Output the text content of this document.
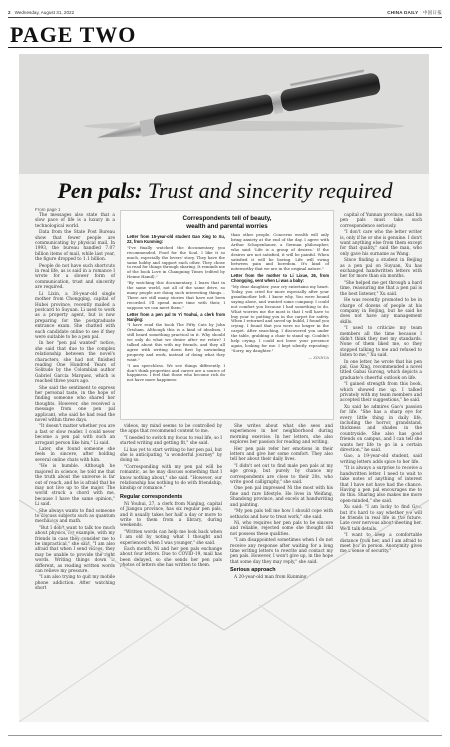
2 Wednesday, August 31, 2022	CHINA DAILY 中国日报
PAGE TWO
Pen pals: Trust and sincerity required
From page 1

The messages also state that a slow pace of life is a luxury in a technological world.

Data from the State Post Bureau show that fewer people are communicating by physical mail. In 1993, the bureau handled 7.07 billion items of mail, while last year, the figure dropped to 1.1 billion.

People do not have such shortcuts in real life, as is said in a romance I wrote for a slower form of communication, trust and sincerity are required.

Li Lixin, a 38-year-old single mother from Chongqing, capital of Hubei province, recently mailed a postcard to Suyuan. Li used to work as a property agent, but is now preparing for the postgraduate entrance exam. She chatted with each candidate online to see if they were suitable to be a pen pal.

In her "pen pal wanted" notice, she said that due to the complex relationship between the novel's characters, she had not finished reading One Hundred Years of Solitude by the Colombian author Gabriel Garcia Marquez, which is reached three years ago.

She said the sentiment to express her personal taste, in the hope of finding someone who shared her thoughts. However, she received a message from one pen pal applicant, who said he had read the novel within three days.

"It doesn't matter whether you are a fast or slow reader. I could never become a pen pal with such an arrogant person like him," Li said.

Later, she found someone she feels in sincere, after holding several online chats with him.

"He is humble. Although he majored in science, he told me that the truth about the universe is far out of reach, and he is afraid that he may not live up to the major. The world struck a chord with me, because I have the same opinion," Li said.

She always wants to find someone to discuss subjects such as quantum mechanics and math.

"But I don't want to talk too much about physics, for example, with my friends in case they consider me to be impractical," she said. "I am also afraid that when I send videos, they may be unable to provide the right words. Writing things down is different, as reading written words can relieve my pressure.

"I am also trying to quit my mobile phone addiction. After watching short

Correspondents tell of beauty,
wealth and parental worries
Letter from 15-year-old student Gao Xing to Xu, 22, from Kunming:

"I've finally watched the documentary you recommended, Food for the Soul. I like it so much, especially the lovers' story. They have the same hobby and support each other. They chose to read for things through sharing. It reminds me of the book Love in Changning Times (edited by Heime Hamil)."

"By watching this documentary, I learn that in the same world, not all of the same drive, so many people are doing such interesting things... There are still many stories that have not been recorded. I'll spend more time with their, I suppose we can meet them."

Letter from a pen pal to Yi Youhui, a clerk from Nanjing:

"I have read the book The Fifty Cats by John Grisham. Although this is a kind of idealism, I still heard something practical in it. Why should we only do what we desire after we retire? I talked about this with my friends, and they all agree with writing down first by unwinding property and work, instead of doing what they want."

"I am speechless. We see things differently. I don't think properties and career are a source of happiness. I feel that those who become rich do not have more happiness

than other people. Concerns wealth will only bring anxiety at the end of the day. I agree with Arthur Schopenhauer, a German philosopher, who said: 'Life is a group of desires.' If the desires are not satisfied, it will be painful. When satisfied it will be boring. Life will swing between pain and boredom. It's kind of noteworthy that we are in the original nature."

Letter from the mother to Li Lixue, 26, from Chongqing, sent when Li was a baby:

"My dear daughter, your cry entertains my heart. Today, you cried for more especially after your grandmother left. I know why. You were bound saying alone, and wanted some company. I could not comfort you because I had something to do. What worries me the most is that I will have to buy your to putting you in the carpet for safety. When I returned and saved up bubbl, I found you crying. I found that you were no longer in the carpet. After searching, I discovered you under the table, grabbing a chair to stand up. Couldn't help crying. I could not leave your presence again, looking for me. I kept silently repeating: "Sorry, my daughter."

— XINHUA

videos, my mind seems to be controlled by the apps that recommend content to me.

"I needed to switch my focus to real life, so I started writing and getting fit," she said.

Li has yet to start writing to her pen pal, but she is anticipating "a wonderful journey" by doing so.

"Corresponding with my pen pal will be romantic, as he may discuss something that I know nothing about," she said. "However, our relationship has nothing to do with friendship, kinship or romance."

Regular correspondents

Ni Youhui, 27, a clerk from Nanjing, capital of Jiangsu province, has six regular pen pals, and it usually takes her half a day or more to write to them from a library, during weekends.

"Written words can help me look back when I am old by noting what I thought and experienced when I was younger," she said.

Each month, Ni and her pen pals exchange about four letters. Due to COVID-19, mail has been delayed, so she sends her pen pals photos of letters she has written to them.

She writes about what she sees and experiences in her neighborhood during morning exercise. In her letters, she also explores her passion for reading and writing.

Her pen pals refer her emotions in their letters and give her some comfort. They also tell her about their daily lives.

"I didn't set out to find male pen pals at my age group, but purely by chance my correspondents are close to their 20s, who write good calligraphy," she said.

One pen pal impressed Ni the most with his fine and rare lifestyle. He lives in Weifang, Shandong province, and excels at handwriting and painting.

"My pen pals tell me how I should cope with setbacks and how to treat work," she said.

Ni, who requires her pen pals to be sincere and reliable, rejected some she thought did not possess these qualities.

"I am disappointed sometimes when I do not receive any response after waiting for a long time writing letters to rewrite and contact my pen pals. However, I won't give up, in the hope that some day they may reply," she said.

Serious approach

A 20-year-old man from Kunming,

capital of Yunnan province, said his pen pals must take such correspondence seriously.

"I don't care who the letter writer is, only if he or she is genuine. I don't want anything else from them except for that quality," said the man, who only gave his surname as Wang.

Since finding a student in Beijing as a pen pal on Suyuan, Xu has exchanged handwritten letters with her for more than six months.

"She helped me get through a hard time, reassuring me that a pen pal is the best listener," Xu said.

He was recently promoted to be in charge of dozens of people at his company in Beijing, but he said he does not have any management skills.

"I used to criticize my team members all the time because I didn't think they met my standards. None of them liked me, so they stopped talking to me and refused to listen to me," Xu said.

In one letter, he wrote that his pen pal, Gao Xing, recommended a novel titled Gabai Gurong, which depicts a graduate's cheerful outlook on life.

"I gained strength from this book, which showed me up. I talked privately with my team members and accepted their suggestions," he said.

Xu said he admires Gao's passion for life. "She has a sharp eye for every little thing in daily life, including the horror, grandstand, thickness and shades in the countryside. She also has good friends on campus, and I can tell she wants her life to go in a certain direction," he said.

Gao, a 19-year-old student, said writing letters adds spice to her life.

"It is always a surprise to receive a handwritten letter. I need to wait to take notes of anything of interest that I have not have had the chance. Having a pen pal encourages me to do this. Sharing also makes me more open-minded," she said.

Xu said: "I am lucky to find Gao, but it's hard to say whether we will be friends in real life in the future. Late over nervous about meeting her. We'll talk details.

"I want to keep a comfortable distance from her, and I am afraid to meet her in person. Anonymity gives me a sense of security."
